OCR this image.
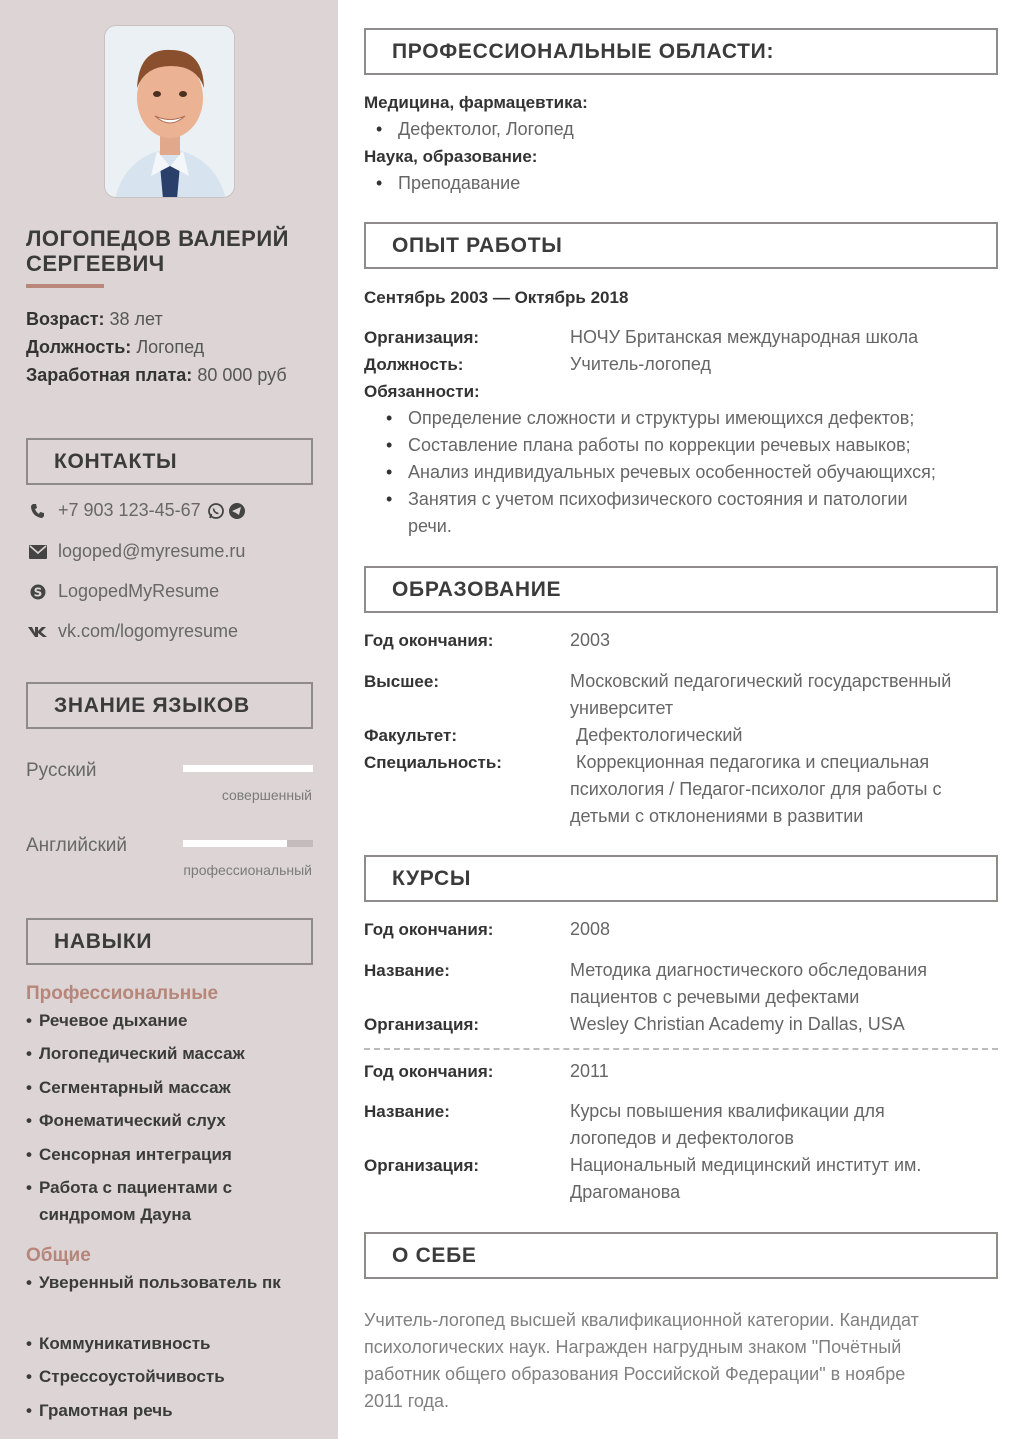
ЛОГОПЕДОВ ВАЛЕРИЙ СЕРГЕЕВИЧ
Возраст: 38 лет
Должность: Логопед
Заработная плата: 80 000 руб
КОНТАКТЫ
+7 903 123-45-67
logoped@myresume.ru
S LogopedMyResume
vk.com/logomyresume
ЗНАНИЕ ЯЗЫКОВ
Русский
совершенный
Английский
профессиональный
НАВЫКИ
Профессиональные
• Речевое дыхание
• Логопедический массаж
• Сегментарный массаж
• Фонематический слух
• Сенсорная интеграция
• Работа с пациентами с синдромом Дауна
Общие
• Уверенный пользователь пк
• Коммуникативность
• Стрессоустойчивость
• Грамотная речь
ПРОФЕССИОНАЛЬНЫЕ ОБЛАСТИ:
Медицина, фармацевтика:
• Дефектолог, Логопед
Наука, образование:
• Преподавание
ОПЫТ РАБОТЫ
Сентябрь 2003 — Октябрь 2018
Организация:	НОЧУ Британская международная школа
Должность:	Учитель-логопед
Обязанности:
• Определение сложности и структуры имеющихся дефектов;
• Составление плана работы по коррекции речевых навыков;
• Анализ индивидуальных речевых особенностей обучающихся;
• Занятия с учетом психофизического состояния и патологии
речи.
ОБРАЗОВАНИЕ
Год окончания:	2003
Высшее:	Московский педагогический государственный
университет
Факультет:	Дефектологический
Специальность:	Коррекционная педагогика и специальная
психология / Педагог-психолог для работы с
детьми с отклонениями в развитии
КУРСЫ
Год окончания:	2008
Название:	Методика диагностического обследования
пациентов с речевыми дефектами
Организация:	Wesley Christian Academy in Dallas, USA
Год окончания:	2011
Название:	Курсы повышения квалификации для
логопедов и дефектологов
Организация:	Национальный медицинский институт им.
Драгоманова
О СЕБЕ
Учитель-логопед высшей квалификационной категории. Кандидат
психологических наук. Награжден нагрудным знаком "Почётный
работник общего образования Российской Федерации" в ноябре
2011 года.
